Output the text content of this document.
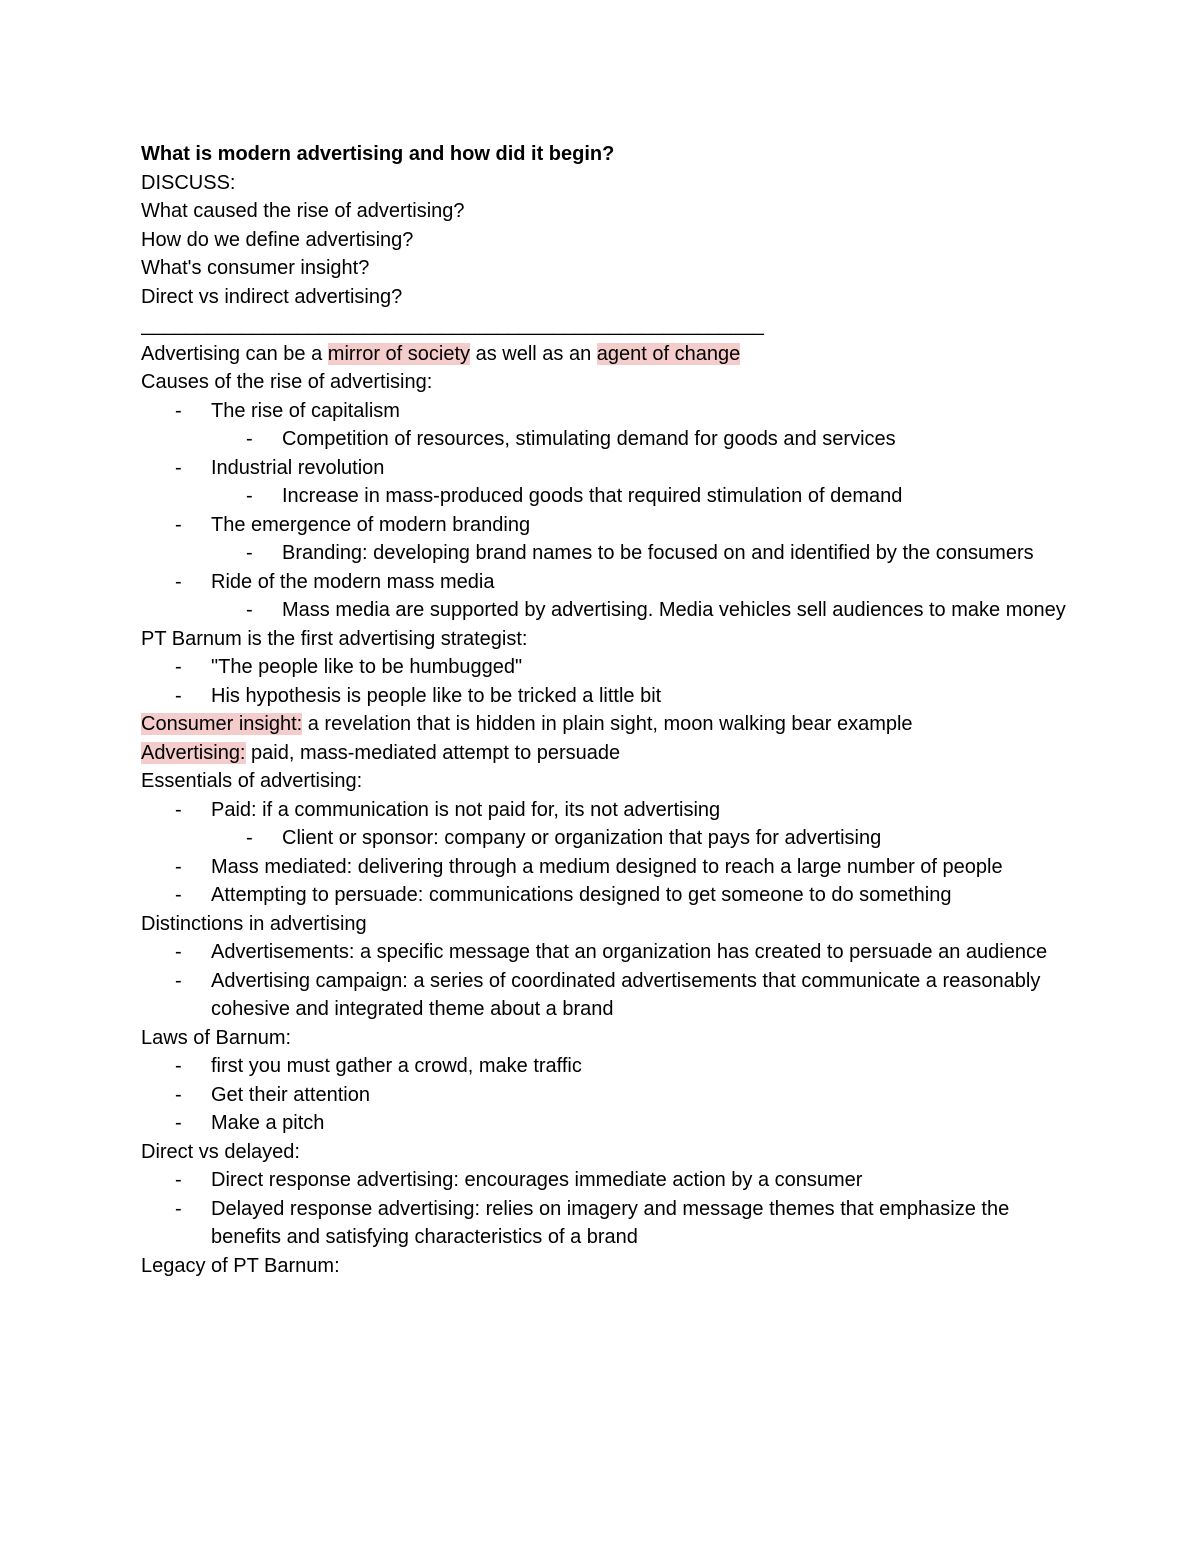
What is modern advertising and how did it begin?

DISCUSS:

What caused the rise of advertising?

How do we define advertising?

What's consumer insight?

Direct vs indirect advertising?

________________________________________________________

Advertising can be a mirror of society as well as an agent of change

Causes of the rise of advertising:

- The rise of capitalism
- Competition of resources, stimulating demand for goods and services
- Industrial revolution
- Increase in mass-produced goods that required stimulation of demand
- The emergence of modern branding
- Branding: developing brand names to be focused on and identified by the consumers
- Ride of the modern mass media
- Mass media are supported by advertising. Media vehicles sell audiences to make money

PT Barnum is the first advertising strategist:

- "The people like to be humbugged"
- His hypothesis is people like to be tricked a little bit

Consumer insight: a revelation that is hidden in plain sight, moon walking bear example

Advertising: paid, mass-mediated attempt to persuade

Essentials of advertising:

- Paid: if a communication is not paid for, its not advertising
- Client or sponsor: company or organization that pays for advertising
- Mass mediated: delivering through a medium designed to reach a large number of people
- Attempting to persuade: communications designed to get someone to do something

Distinctions in advertising

- Advertisements: a specific message that an organization has created to persuade an audience
- Advertising campaign: a series of coordinated advertisements that communicate a reasonably cohesive and integrated theme about a brand

Laws of Barnum:

- first you must gather a crowd, make traffic
- Get their attention
- Make a pitch

Direct vs delayed:

- Direct response advertising: encourages immediate action by a consumer
- Delayed response advertising: relies on imagery and message themes that emphasize the benefits and satisfying characteristics of a brand

Legacy of PT Barnum:
